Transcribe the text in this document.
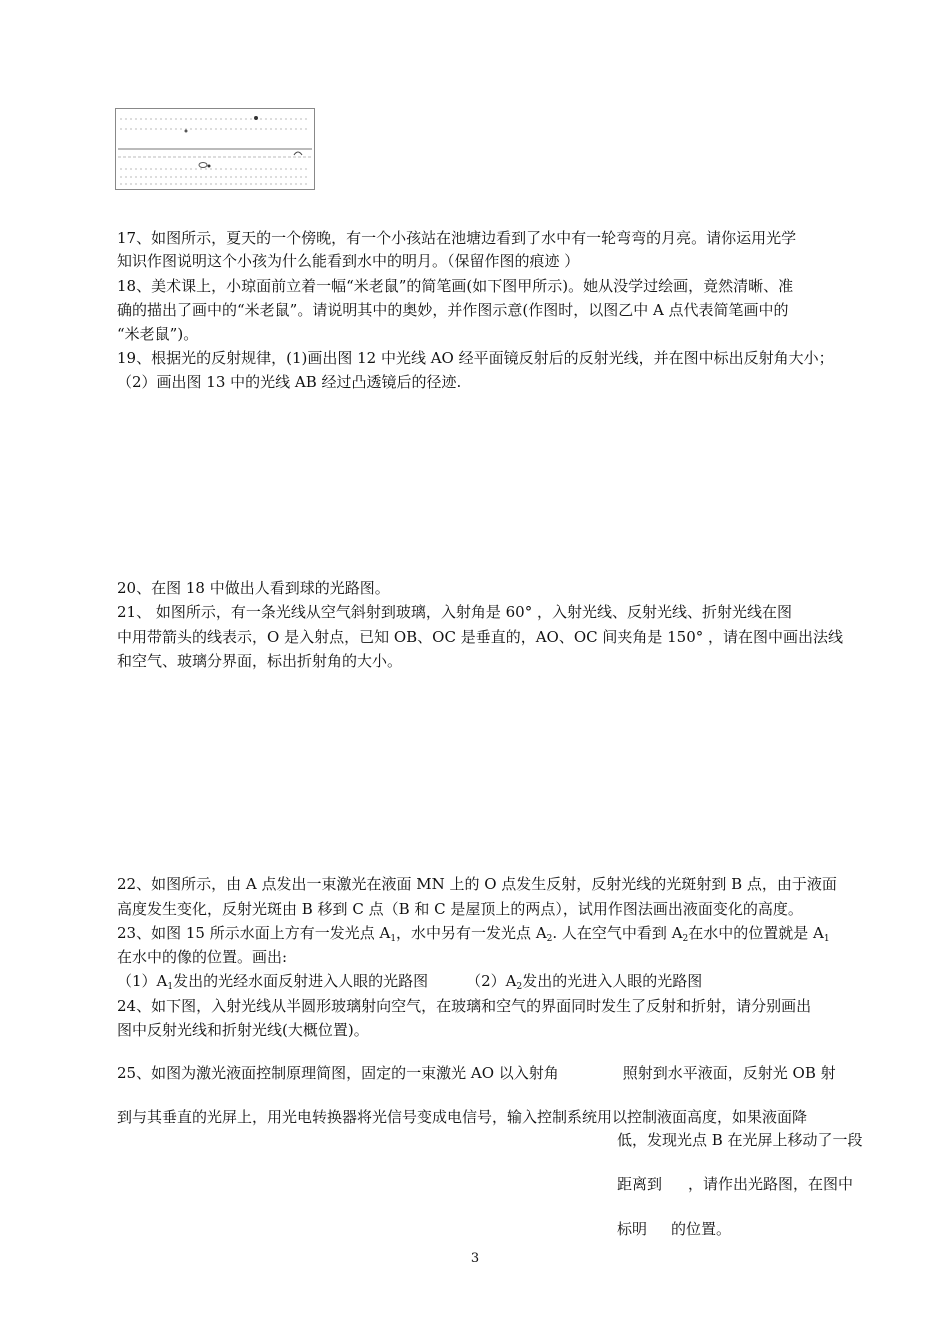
17、如图所示，夏天的一个傍晚，有一个小孩站在池塘边看到了水中有一轮弯弯的月亮。请你运用光学
知识作图说明这个小孩为什么能看到水中的明月。（保留作图的痕迹 ）
18、美术课上，小琼面前立着一幅“米老鼠”的简笔画(如下图甲所示)。她从没学过绘画，竟然清晰、准
确的描出了画中的“米老鼠”。请说明其中的奥妙，并作图示意(作图时，以图乙中 A 点代表简笔画中的
“米老鼠”)。
19、根据光的反射规律，(1)画出图 12 中光线 AO 经平面镜反射后的反射光线，并在图中标出反射角大小；
（2）画出图 13 中的光线 AB 经过凸透镜后的径迹.
20、在图 18 中做出人看到球的光路图。
21、 如图所示，有一条光线从空气斜射到玻璃，入射角是 60° ，入射光线、反射光线、折射光线在图
中用带箭头的线表示，O 是入射点，已知 OB、OC 是垂直的，AO、OC 间夹角是 150° ，请在图中画出法线
和空气、玻璃分界面，标出折射角的大小。
22、如图所示，由 A 点发出一束激光在液面 MN 上的 O 点发生反射，反射光线的光斑射到 B 点，由于液面
高度发生变化，反射光斑由 B 移到 C 点（B 和 C 是屋顶上的两点），试用作图法画出液面变化的高度。
23、如图 15 所示水面上方有一发光点 $A_1$，水中另有一发光点 $A_2$. 人在空气中看到 $A_2$在水中的位置就是 $A_1$
在水中的像的位置。画出:
$(1)A_1$发出的光经水面反射进入人眼的光路图	$(2)A_2$发出的光进入人眼的光路图
24、如下图，入射光线从半圆形玻璃射向空气，在玻璃和空气的界面同时发生了反射和折射，请分别画出
图中反射光线和折射光线(大概位置)。
25、如图为激光液面控制原理简图，固定的一束激光 AO 以入射角	照射到水平液面，反射光 OB 射
到与其垂直的光屏上，用光电转换器将光信号变成电信号，输入控制系统用以控制液面高度，如果液面降
低，发现光点 B 在光屏上移动了一段
距离到 ，请作出光路图，在图中
标明 的位置。
3
